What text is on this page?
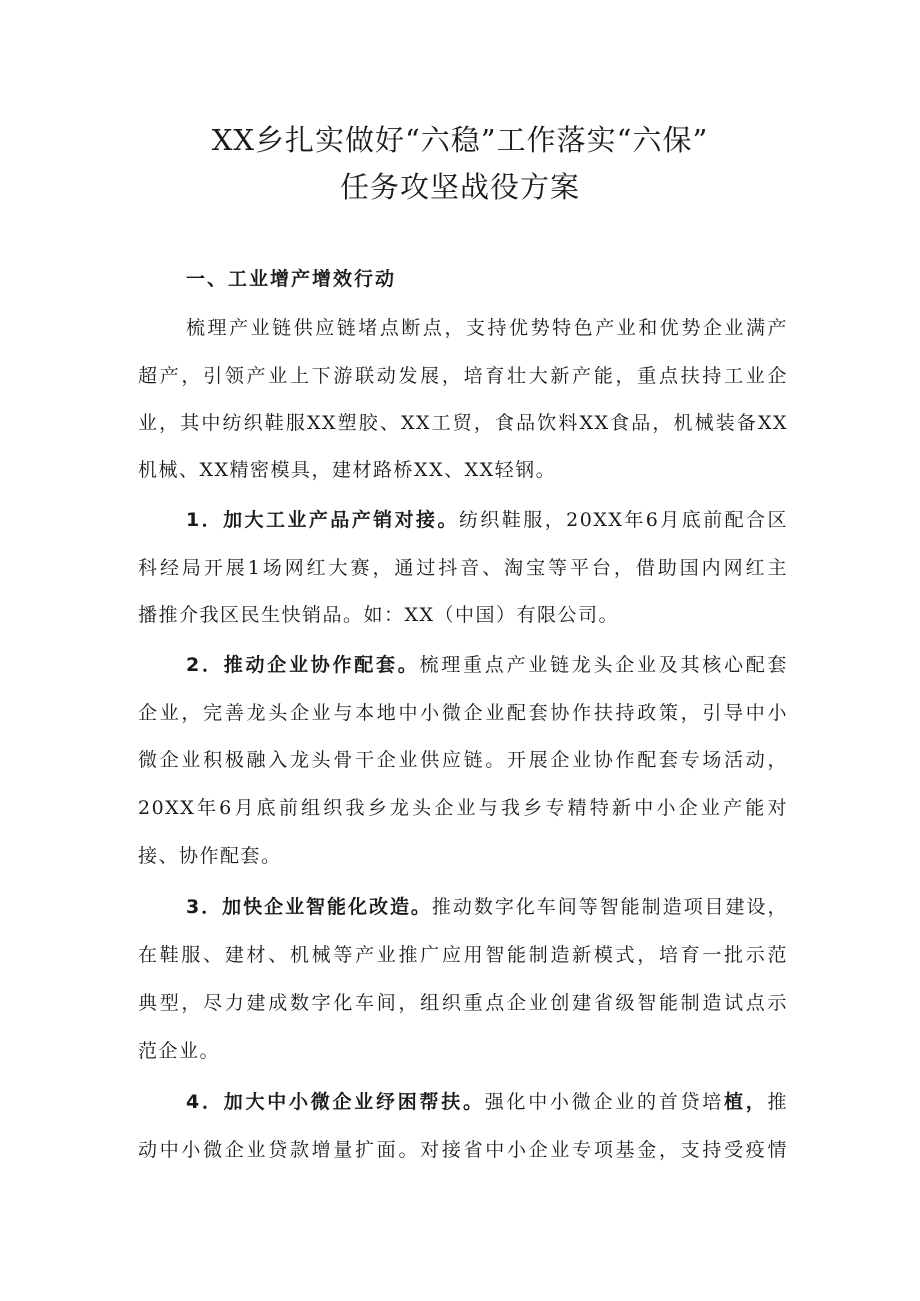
XX乡扎实做好“六稳”工作落实“六保”
任务攻坚战役方案
一、工业增产增效行动
梳理产业链供应链堵点断点，支持优势特色产业和优势企业满产
超产，引领产业上下游联动发展，培育壮大新产能，重点扶持工业企
业，其中纺织鞋服XX塑胶、XX工贸，食品饮料XX食品，机械装备XX
机械、XX精密模具，建材路桥XX、XX轻钢。
1．加大工业产品产销对接。纺织鞋服，20XX年6月底前配合区
科经局开展1场网红大赛，通过抖音、淘宝等平台，借助国内网红主
播推介我区民生快销品。如：XX（中国）有限公司。
2．推动企业协作配套。梳理重点产业链龙头企业及其核心配套
企业，完善龙头企业与本地中小微企业配套协作扶持政策，引导中小
微企业积极融入龙头骨干企业供应链。开展企业协作配套专场活动，
20XX年6月底前组织我乡龙头企业与我乡专精特新中小企业产能对
接、协作配套。
3．加快企业智能化改造。推动数字化车间等智能制造项目建设，
在鞋服、建材、机械等产业推广应用智能制造新模式，培育一批示范
典型，尽力建成数字化车间，组织重点企业创建省级智能制造试点示
范企业。
4．加大中小微企业纾困帮扶。强化中小微企业的首贷培植，推
动中小微企业贷款增量扩面。对接省中小企业专项基金，支持受疫情
